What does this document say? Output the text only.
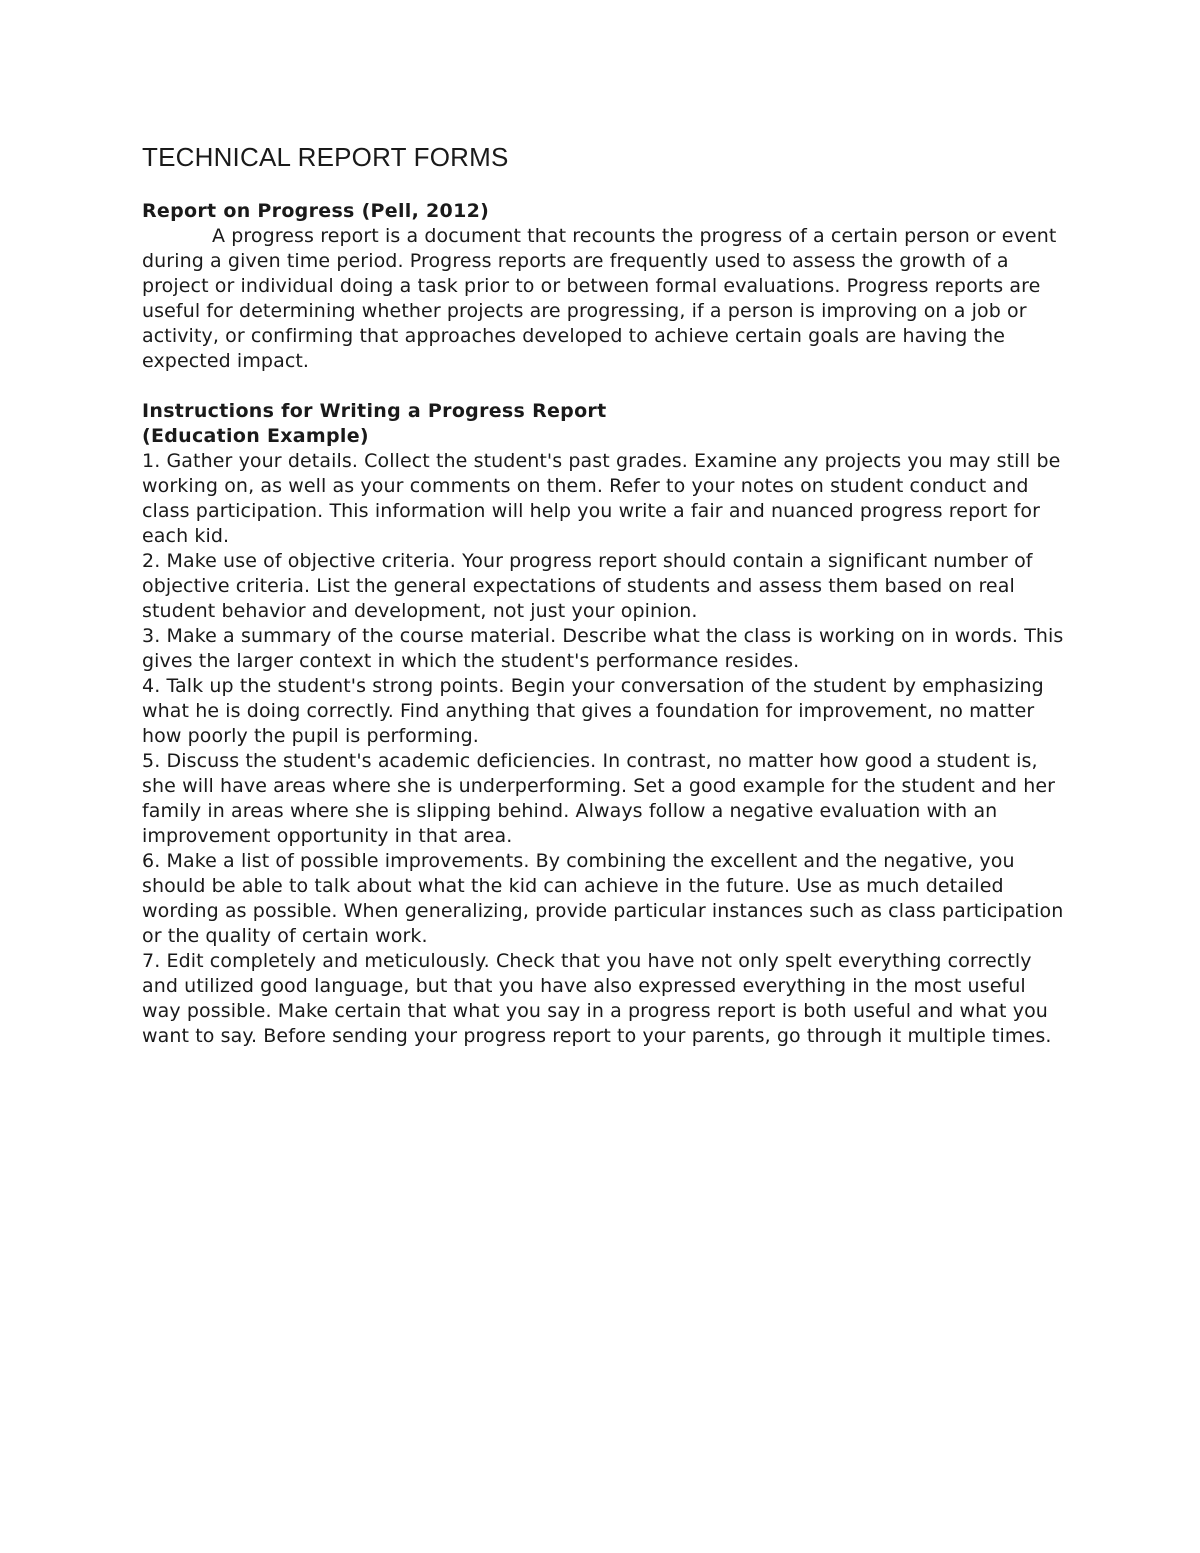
TECHNICAL REPORT FORMS

Report on Progress (Pell, 2012)

A progress report is a document that recounts the progress of a certain person or event during a given time period. Progress reports are frequently used to assess the growth of a project or individual doing a task prior to or between formal evaluations. Progress reports are useful for determining whether projects are progressing, if a person is improving on a job or activity, or confirming that approaches developed to achieve certain goals are having the expected impact.

Instructions for Writing a Progress Report

(Education Example)

1. Gather your details. Collect the student's past grades. Examine any projects you may still be working on, as well as your comments on them. Refer to your notes on student conduct and class participation. This information will help you write a fair and nuanced progress report for each kid.

2. Make use of objective criteria. Your progress report should contain a significant number of objective criteria. List the general expectations of students and assess them based on real student behavior and development, not just your opinion.

3. Make a summary of the course material. Describe what the class is working on in words. This gives the larger context in which the student's performance resides.

4. Talk up the student's strong points. Begin your conversation of the student by emphasizing what he is doing correctly. Find anything that gives a foundation for improvement, no matter how poorly the pupil is performing.

5. Discuss the student's academic deficiencies. In contrast, no matter how good a student is, she will have areas where she is underperforming. Set a good example for the student and her family in areas where she is slipping behind. Always follow a negative evaluation with an improvement opportunity in that area.

6. Make a list of possible improvements. By combining the excellent and the negative, you should be able to talk about what the kid can achieve in the future. Use as much detailed wording as possible. When generalizing, provide particular instances such as class participation or the quality of certain work.

7. Edit completely and meticulously. Check that you have not only spelt everything correctly and utilized good language, but that you have also expressed everything in the most useful way possible. Make certain that what you say in a progress report is both useful and what you want to say. Before sending your progress report to your parents, go through it multiple times.
